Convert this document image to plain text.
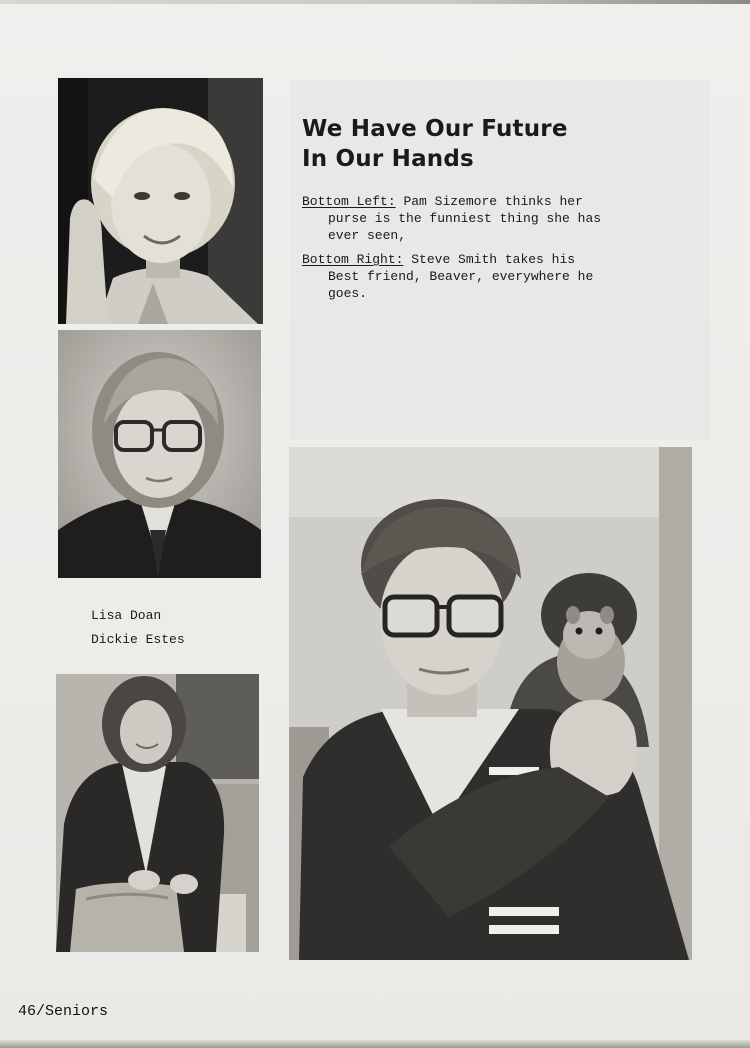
Lisa Doan
Dickie Estes
We Have Our Future
In Our Hands
Bottom Left: Pam Sizemore thinks her
purse is the funniest thing she has
ever seen,
Bottom Right: Steve Smith takes his
Best friend, Beaver, everywhere he
goes.
46/Seniors
